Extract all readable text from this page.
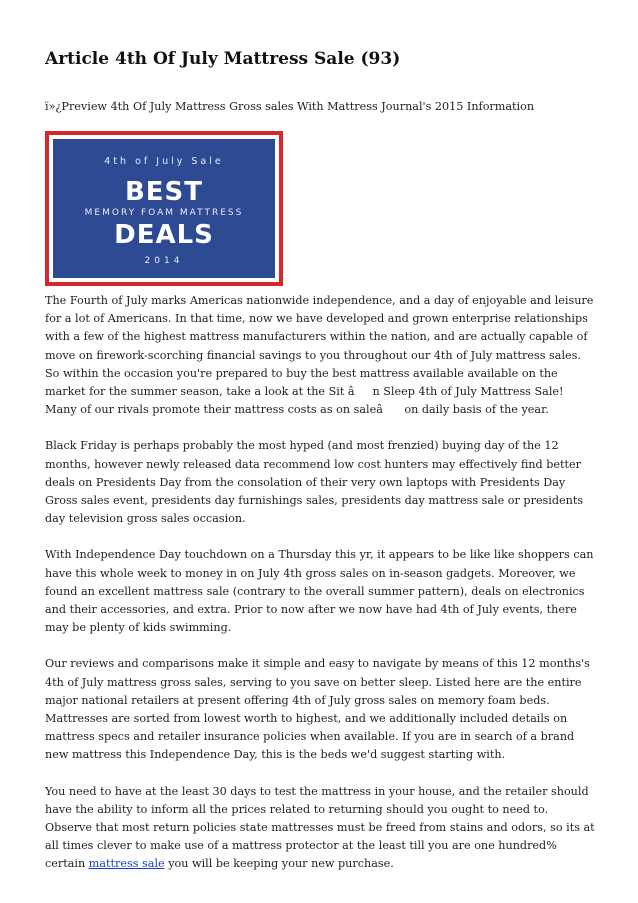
Article 4th Of July Mattress Sale (93)

ï»¿Preview 4th Of July Mattress Gross sales With Mattress Journal's 2015 Information

4th of July Sale
BEST
MEMORY FOAM MATTRESS
DEALS
2014

The Fourth of July marks Americas nationwide independence, and a day of enjoyable and leisure for a lot of Americans. In that time, now we have developed and grown enterprise relationships with a few of the highest mattress manufacturers within the nation, and are actually capable of move on firework-scorching financial savings to you throughout our 4th of July mattress sales. So within the occasion you're prepared to buy the best mattress available available on the market for the summer season, take a look at the Sit ân Sleep 4th of July Mattress Sale! Many of our rivals promote their mattress costs as on saleâ on daily basis of the year.

Black Friday is perhaps probably the most hyped (and most frenzied) buying day of the 12 months, however newly released data recommend low cost hunters may effectively find better deals on Presidents Day from the consolation of their very own laptops with Presidents Day Gross sales event, presidents day furnishings sales, presidents day mattress sale or presidents day television gross sales occasion.

With Independence Day touchdown on a Thursday this yr, it appears to be like like shoppers can have this whole week to money in on July 4th gross sales on in-season gadgets. Moreover, we found an excellent mattress sale (contrary to the overall summer pattern), deals on electronics and their accessories, and extra. Prior to now after we now have had 4th of July events, there may be plenty of kids swimming.

Our reviews and comparisons make it simple and easy to navigate by means of this 12 months's 4th of July mattress gross sales, serving to you save on better sleep. Listed here are the entire major national retailers at present offering 4th of July gross sales on memory foam beds. Mattresses are sorted from lowest worth to highest, and we additionally included details on mattress specs and retailer insurance policies when available. If you are in search of a brand new mattress this Independence Day, this is the beds we'd suggest starting with.

You need to have at the least 30 days to test the mattress in your house, and the retailer should have the ability to inform all the prices related to returning should you ought to need to. Observe that most return policies state mattresses must be freed from stains and odors, so its at all times clever to make use of a mattress protector at the least till you are one hundred% certain mattress sale you will be keeping your new purchase.
